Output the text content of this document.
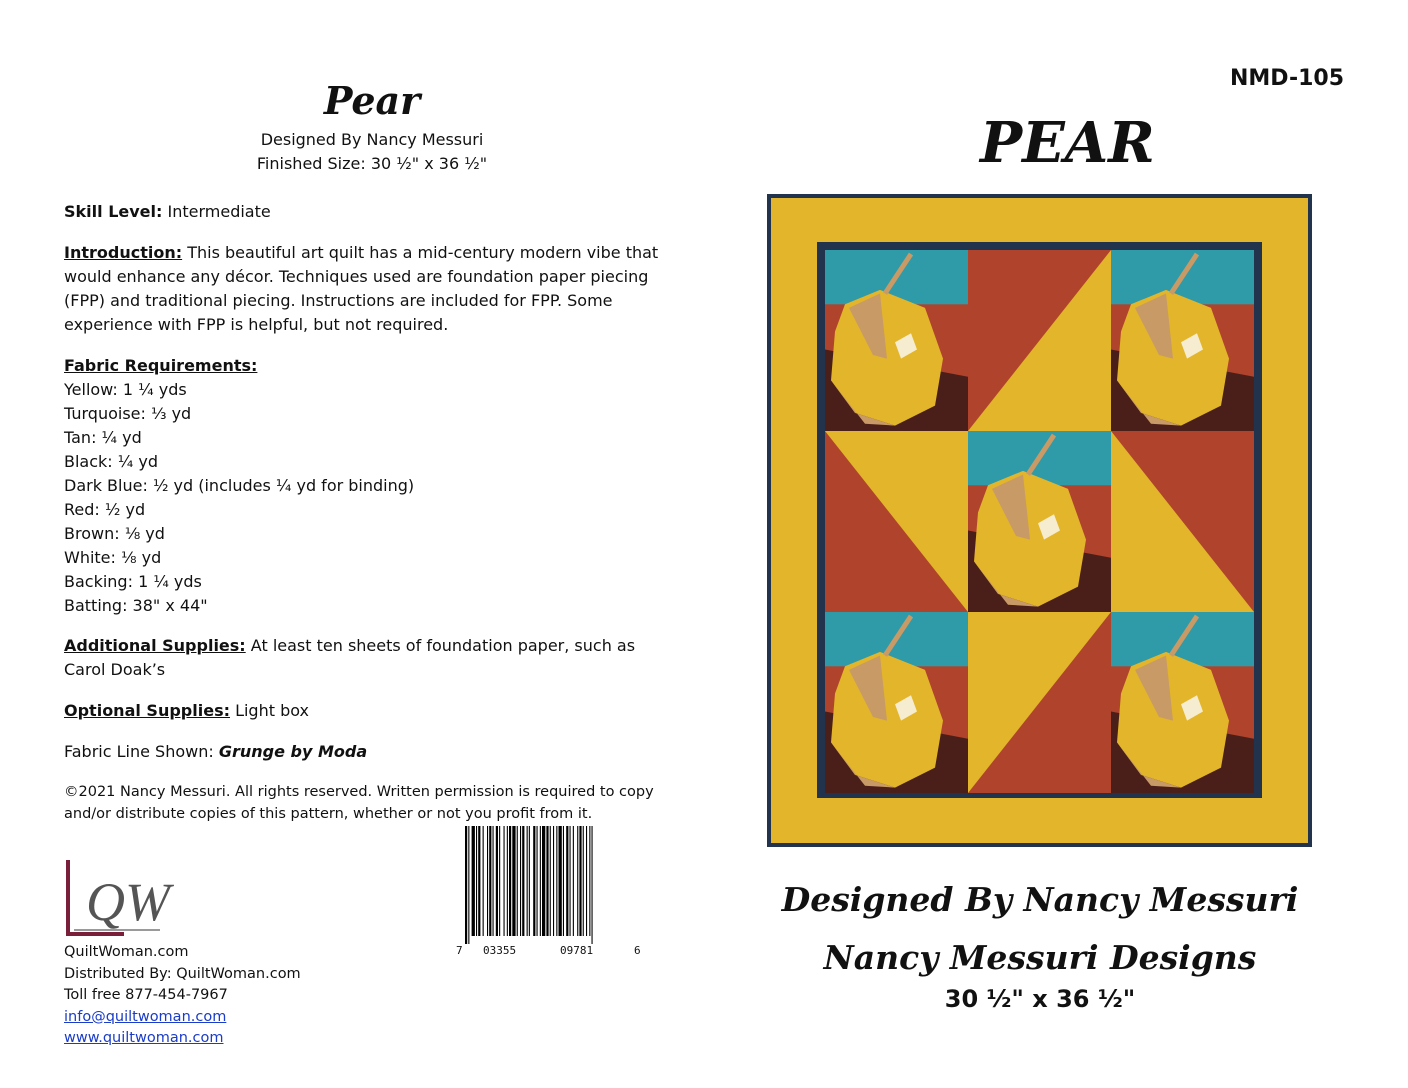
Pear
Designed By Nancy Messuri
Finished Size: 30 ½" x 36 ½"
Skill Level: Intermediate
Introduction: This beautiful art quilt has a mid-century modern vibe that would enhance any décor. Techniques used are foundation paper piecing (FPP) and traditional piecing. Instructions are included for FPP. Some experience with FPP is helpful, but not required.
Fabric Requirements:
Yellow: 1 ¼ yds
Turquoise: ⅓ yd
Tan: ¼ yd
Black: ¼ yd
Dark Blue: ½ yd (includes ¼ yd for binding)
Red: ½ yd
Brown: ⅛ yd
White: ⅛ yd
Backing: 1 ¼ yds
Batting: 38" x 44"
Additional Supplies: At least ten sheets of foundation paper, such as Carol Doak’s
Optional Supplies: Light box
Fabric Line Shown: Grunge by Moda
©2021 Nancy Messuri. All rights reserved. Written permission is required to copy and/or distribute copies of this pattern, whether or not you profit from it.
QW
QuiltWoman.com
Distributed By: QuiltWoman.com
Toll free 877-454-7967
info@quiltwoman.com
www.quiltwoman.com
7 03355	09781	6
NMD-105
PEAR
Designed By Nancy Messuri
Nancy Messuri Designs
30 ½" x 36 ½"
